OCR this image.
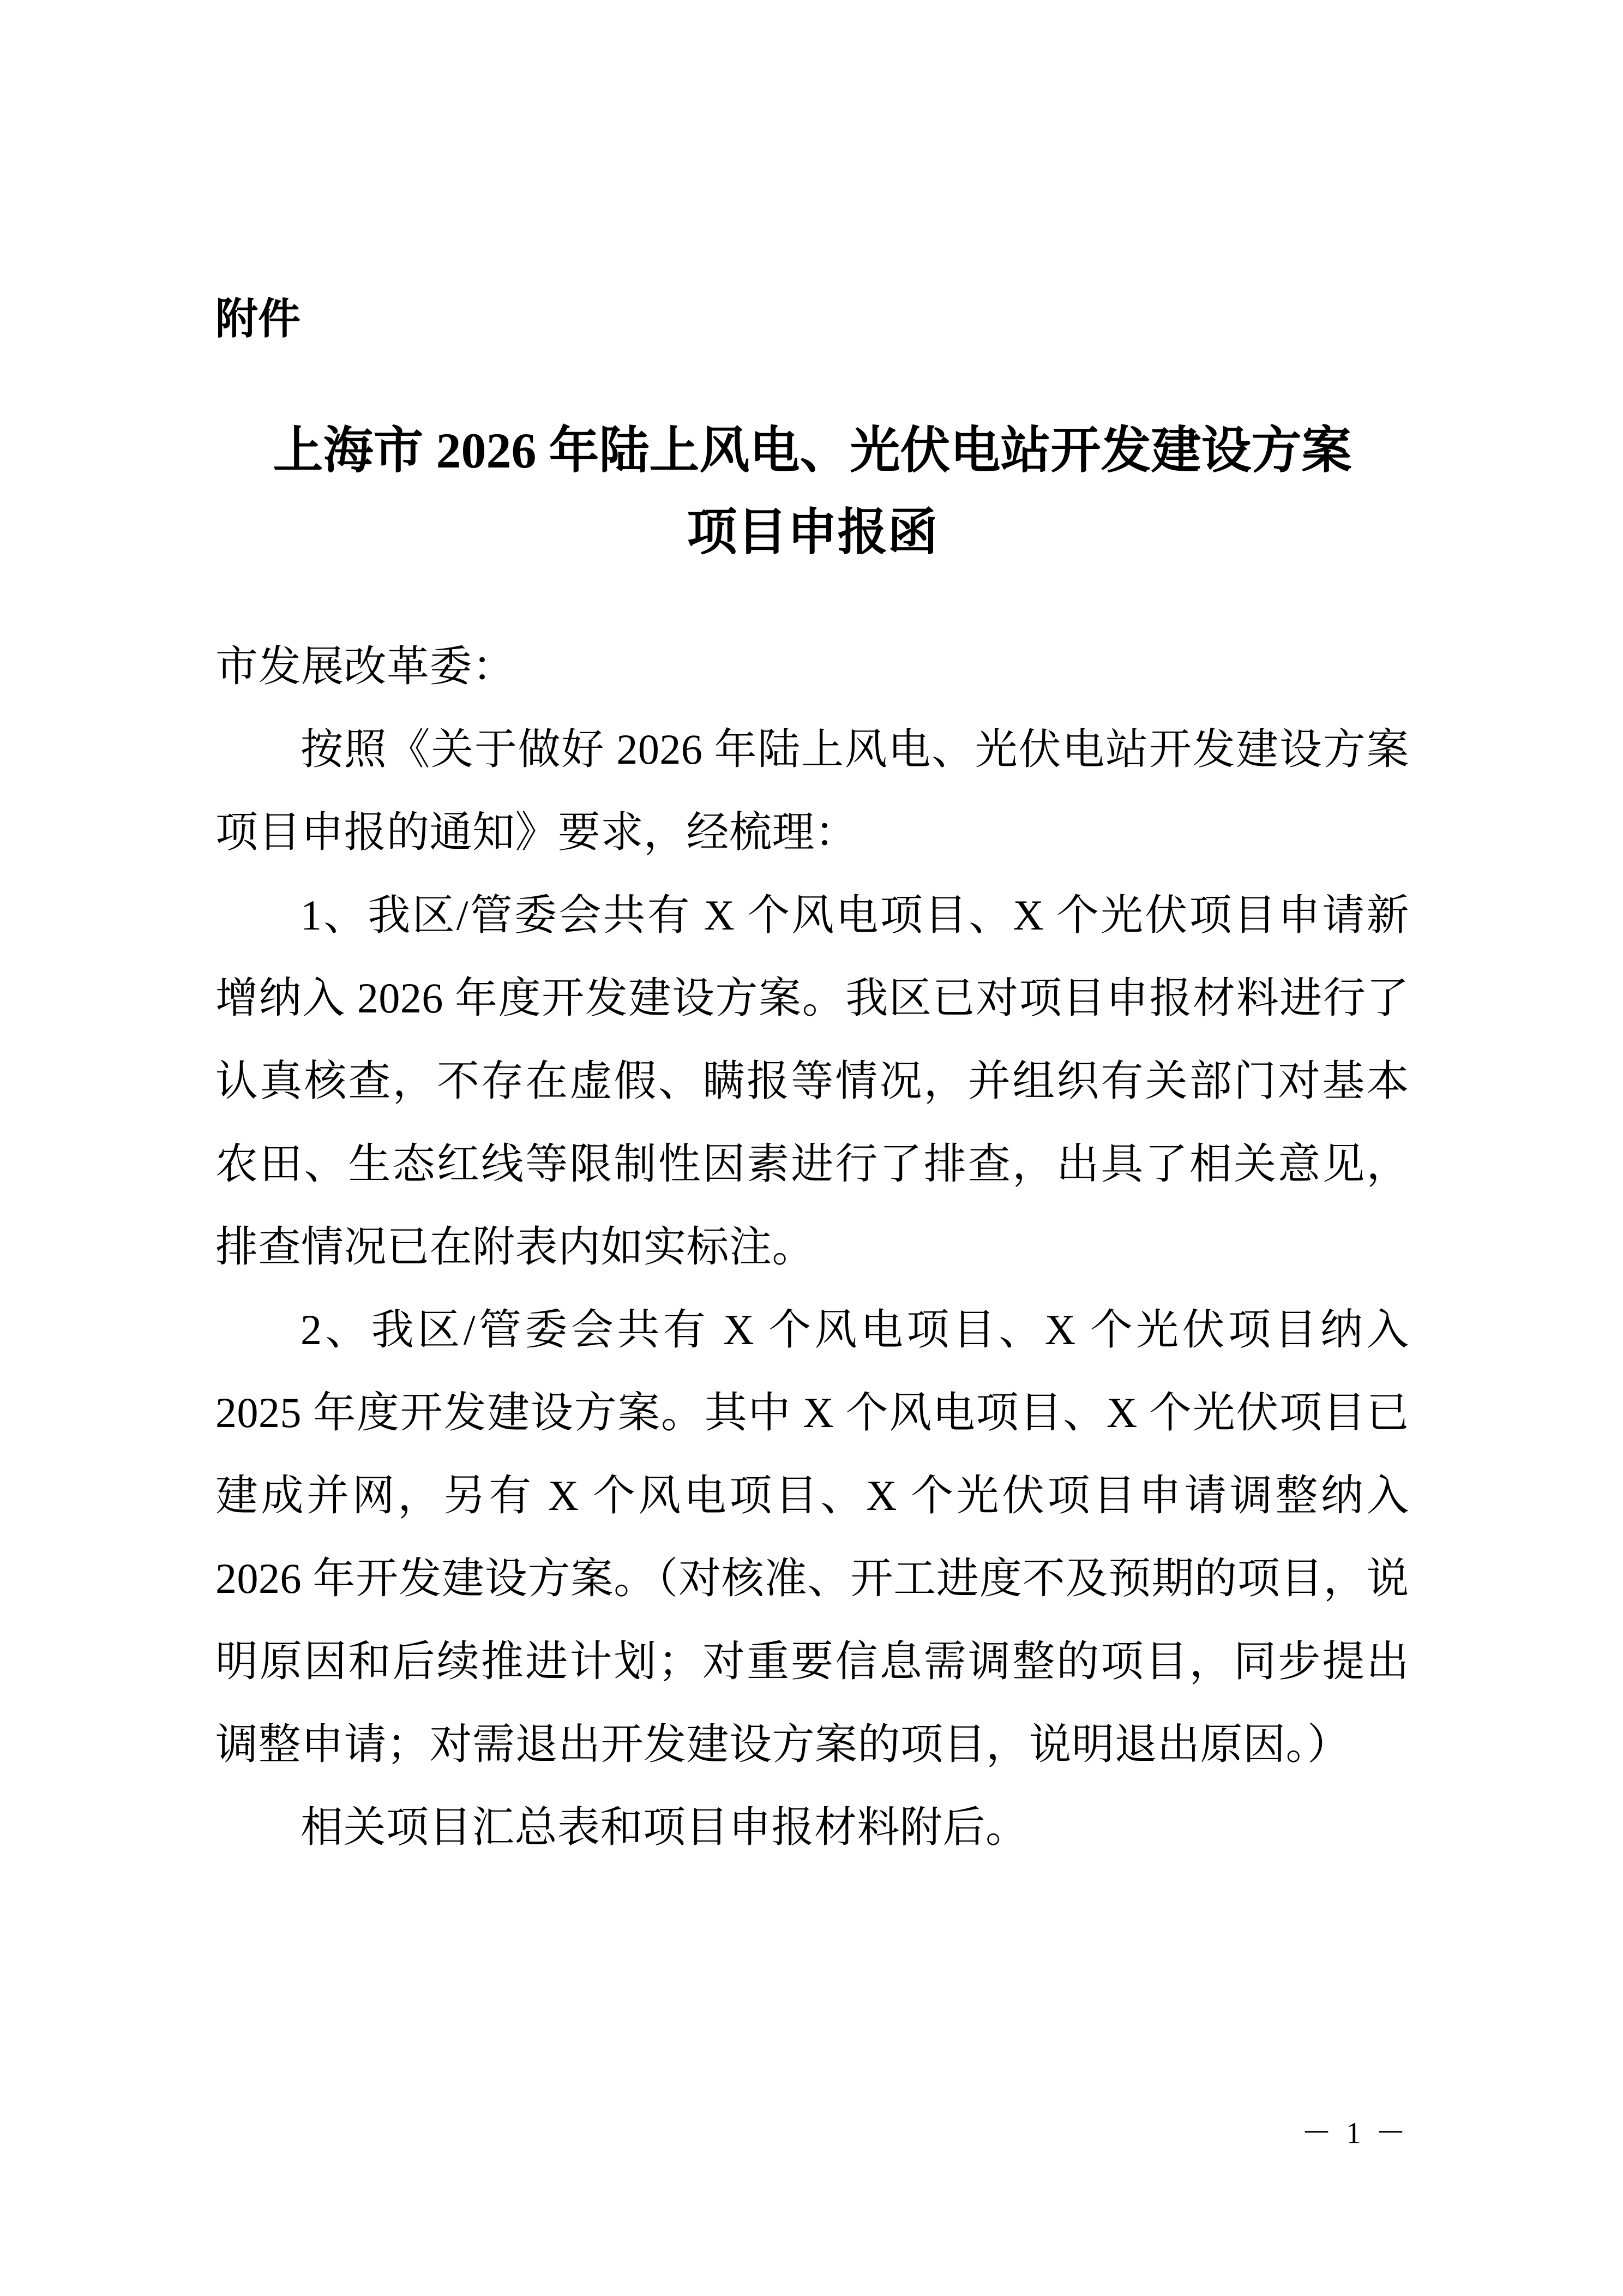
附件
上海市 2026 年陆上风电、光伏电站开发建设方案
项目申报函

市发展改革委：

按照《关于做好 2026 年陆上风电、光伏电站开发建设方案项目申报的通知》要求，经梳理：

1、我区/管委会共有 X 个风电项目、X 个光伏项目申请新增纳入 2026 年度开发建设方案。我区已对项目申报材料进行了认真核查，不存在虚假、瞒报等情况，并组织有关部门对基本农田、生态红线等限制性因素进行了排查，出具了相关意见，排查情况已在附表内如实标注。

2、我区/管委会共有 X 个风电项目、X 个光伏项目纳入 2025 年度开发建设方案。其中 X 个风电项目、X 个光伏项目已建成并网，另有 X 个风电项目、X 个光伏项目申请调整纳入 2026 年开发建设方案。（对核准、开工进度不及预期的项目，说明原因和后续推进计划；对重要信息需调整的项目，同步提出调整申请；对需退出开发建设方案的项目，说明退出原因。）

相关项目汇总表和项目申报材料附后。

－ 1 －
